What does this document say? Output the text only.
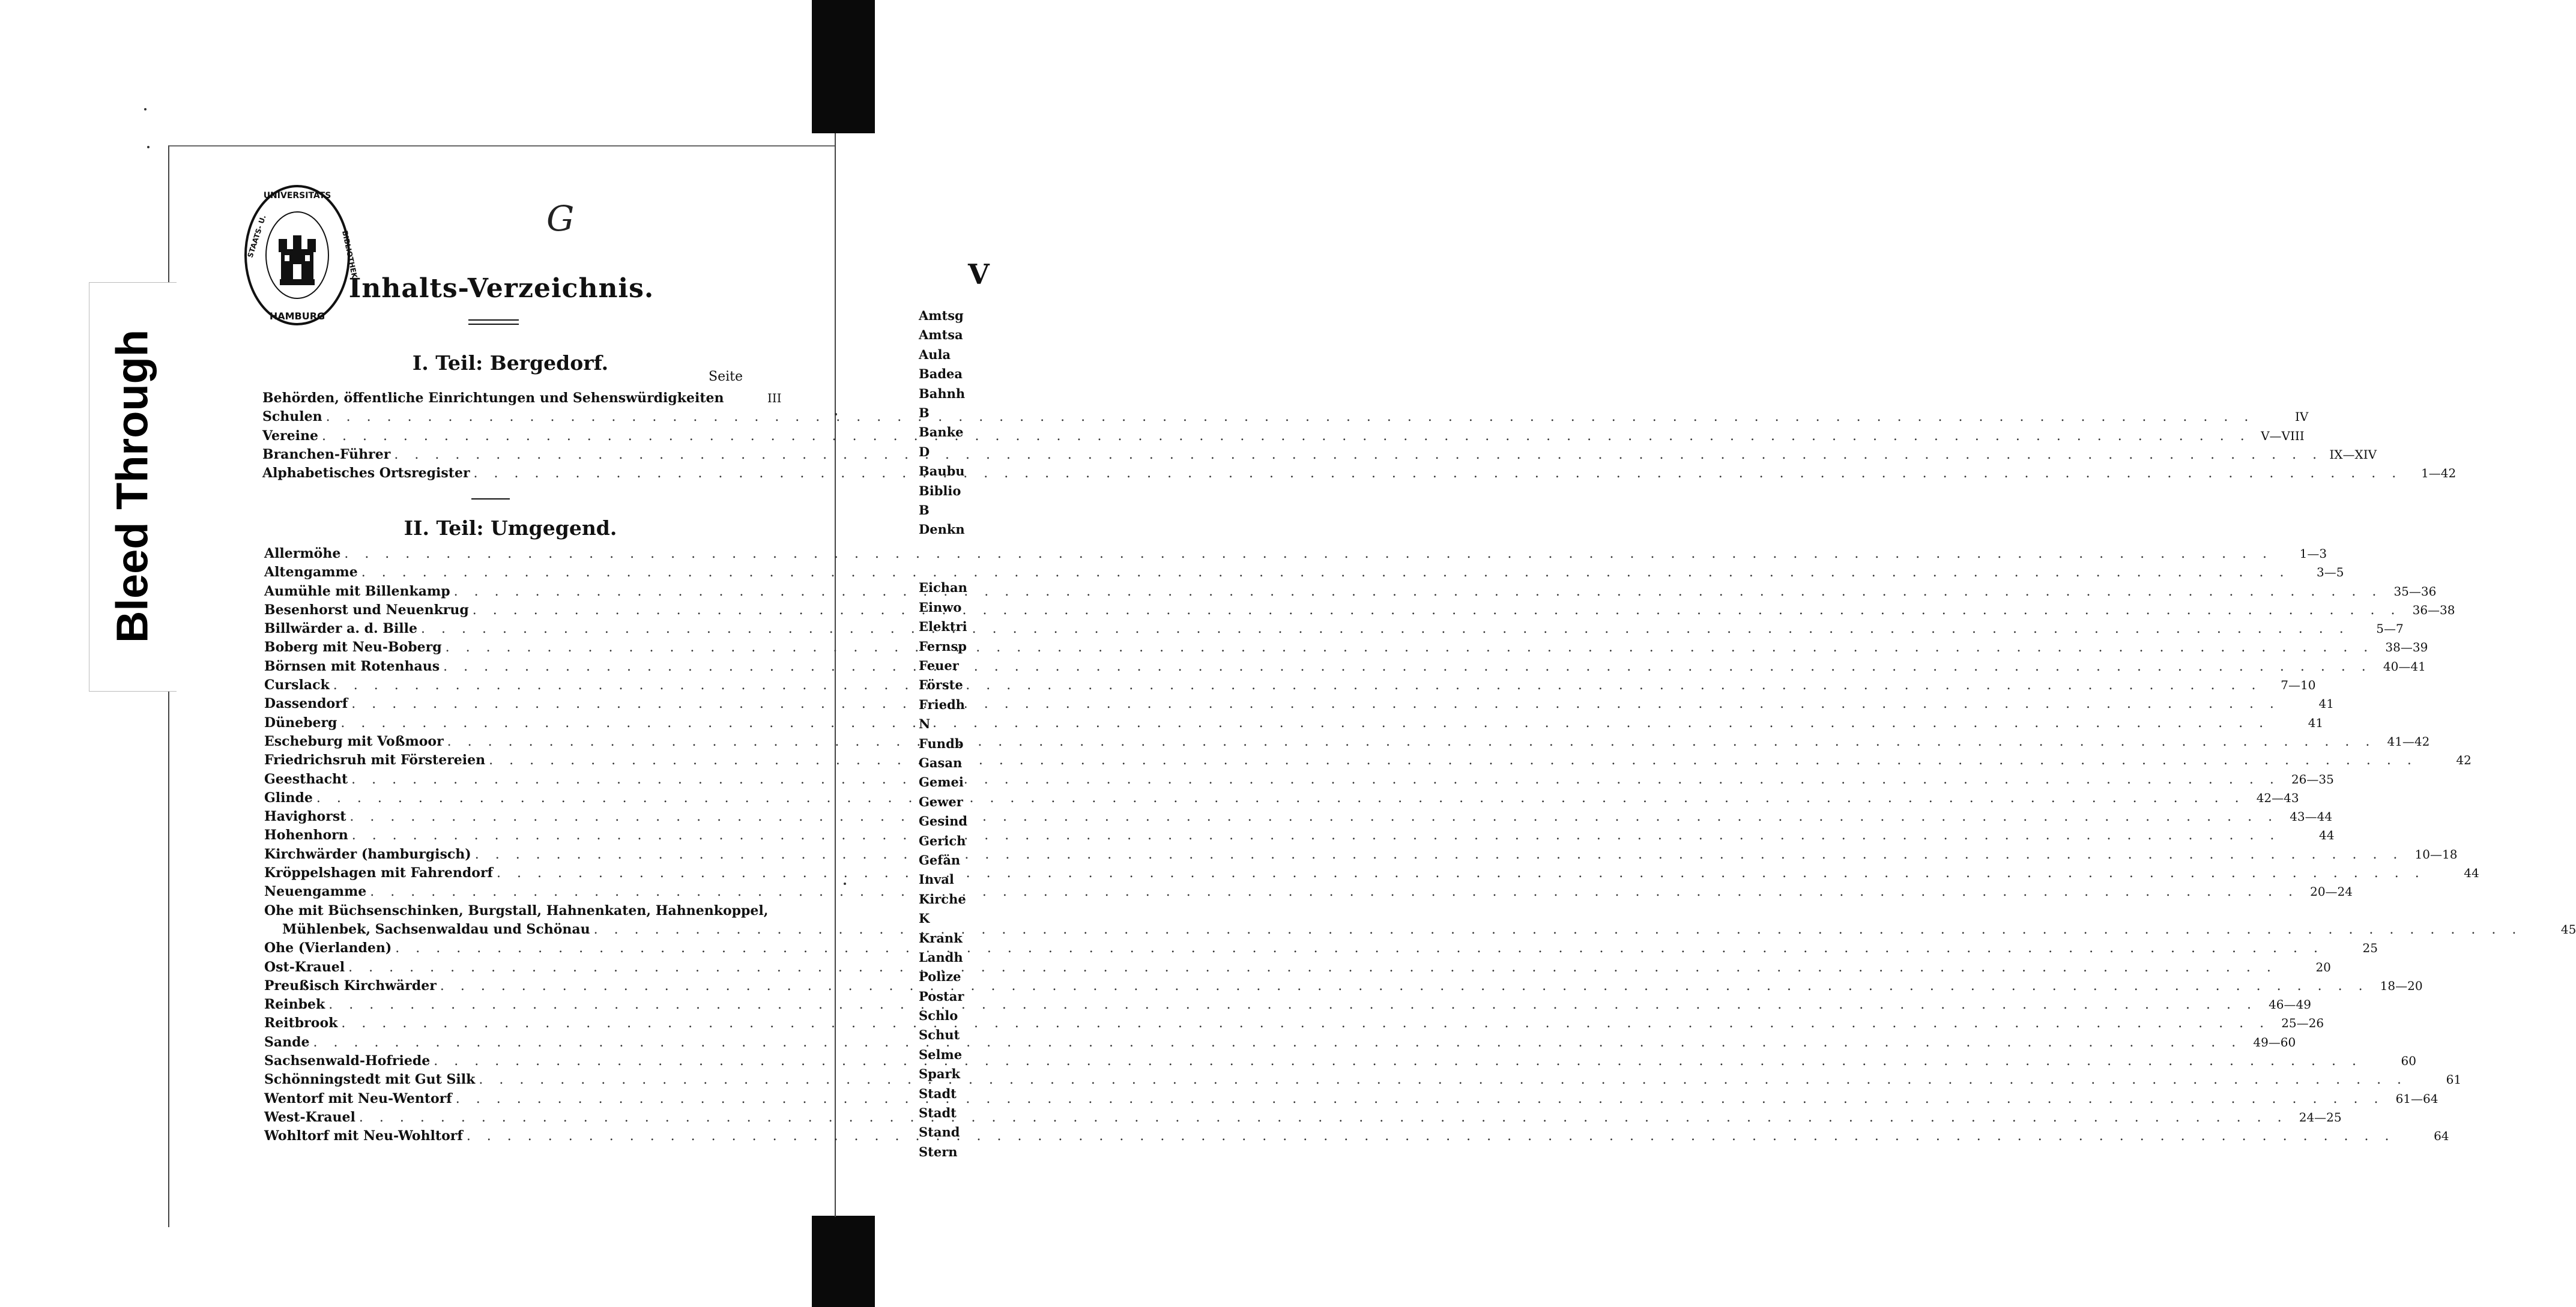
Bleed Through
UNIVERSITÄTS
HAMBURG
STAATS- U.	BIBLIOTHEK
G
Inhalts-Verzeichnis.
I. Teil: Bergedorf.
Seite
Behörden, öffentliche Einrichtungen und Sehenswürdigkeiten	III
Schulen . . .	IV
Vereine . . .	V—VIII
Branchen-Führer . . .	IX—XIV
Alphabetisches Ortsregister . . .	1—42
II. Teil: Umgegend.
Allermöhe . . .	1—3
Altengamme . . .	3—5
Aumühle mit Billenkamp . . .	35—36
Besenhorst und Neuenkrug . . .	36—38
Billwärder a. d. Bille . . .	5—7
Boberg mit Neu-Boberg . . .	38—39
Börnsen mit Rotenhaus . . .	40—41
Curslack . . .	7—10
Dassendorf . . .	41
Düneberg . . .	41
Escheburg mit Voßmoor . . .	41—42
Friedrichsruh mit Förstereien . . .	42
Geesthacht . . .	26—35
Glinde . . .	42—43
Havighorst . . .	43—44
Hohenhorn . . .	44
Kirchwärder (hamburgisch) . . .	10—18
Kröppelshagen mit Fahrendorf . . .	44
Neuengamme . . .	20—24
Ohe mit Büchsenschinken, Burgstall, Hahnenkaten, Hahnenkoppel,
Mühlenbek, Sachsenwaldau und Schönau . . .	45
Ohe (Vierlanden) . . .	25
Ost-Krauel . . .	20
Preußisch Kirchwärder . . .	18—20
Reinbek . . .	46—49
Reitbrook . . .	25—26
Sande . . .	49—60
Sachsenwald-Hofriede . . .	60
Schönningstedt mit Gut Silk . . .	61
Wentorf mit Neu-Wentorf . . .	61—64
West-Krauel . . .	24—25
Wohltorf mit Neu-Wohltorf . . .	64
V
Amtsg
Amtsa
Aula
Badea
Bahnh
B
Banke
D
Baubu
Biblio
B
Denkn
Eichan
Einwo
Elektri
Fernsp
Feuer
Förste
Friedh
N
Fundb
Gasan
Gemei
Gewer
Gesind
Gerich
Gefän
Inval
Kirche
K
Krank
Landh
Polize
Postar
Schlo
Schut
Selme
Spark
Stadt
Stadt
Stand
Stern
